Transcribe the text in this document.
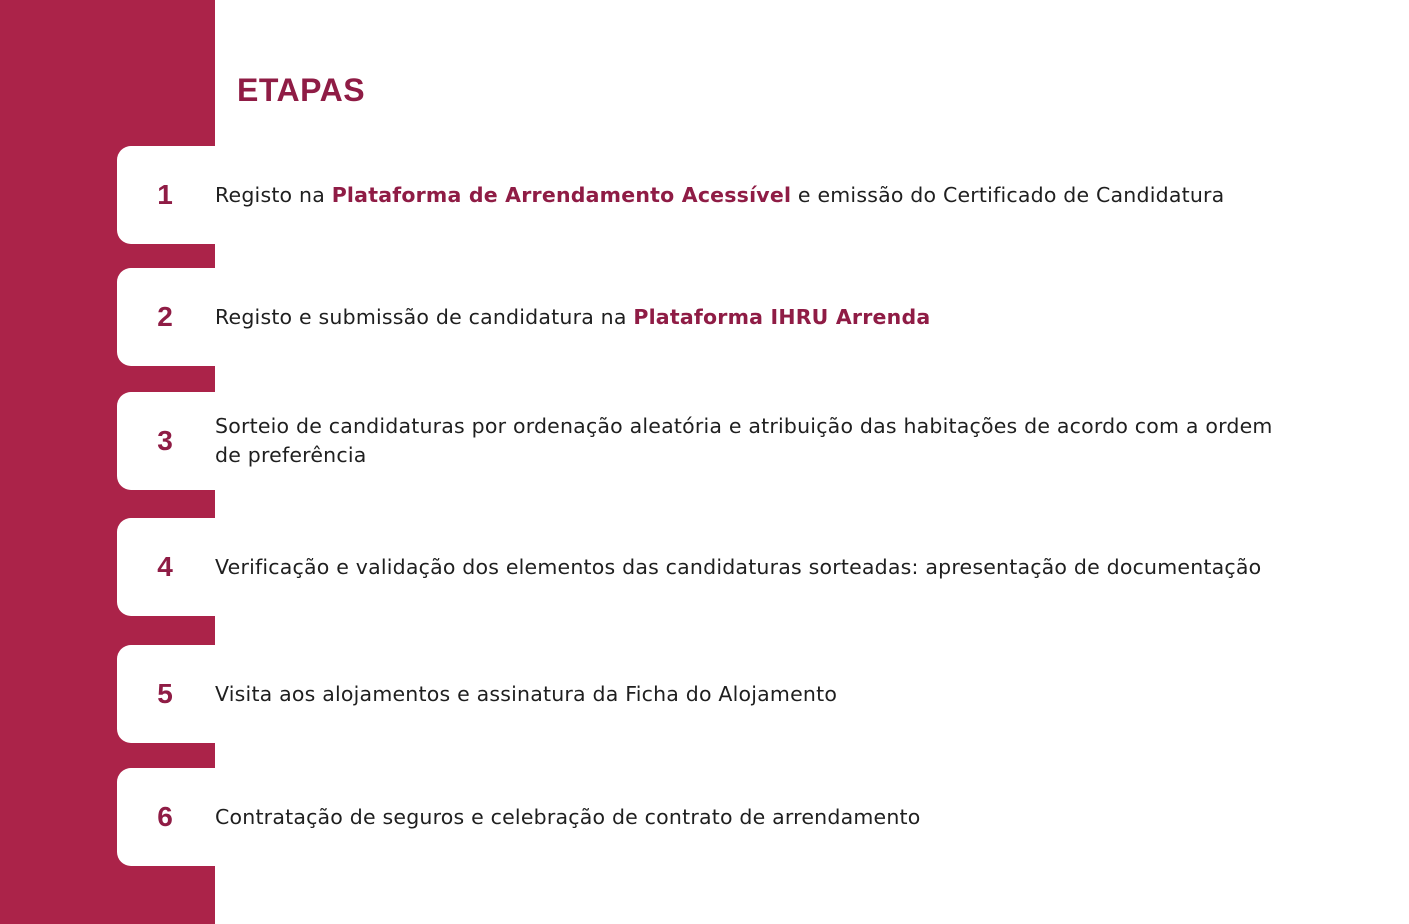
ETAPAS
1	Registo na Plataforma de Arrendamento Acessível e emissão do Certificado de Candidatura

2	Registo e submissão de candidatura na Plataforma IHRU Arrenda

3	Sorteio de candidaturas por ordenação aleatória e atribuição das habitações de acordo com a ordem de preferência

4	Verificação e validação dos elementos das candidaturas sorteadas: apresentação de documentação

5	Visita aos alojamentos e assinatura da Ficha do Alojamento

6	Contratação de seguros e celebração de contrato de arrendamento
